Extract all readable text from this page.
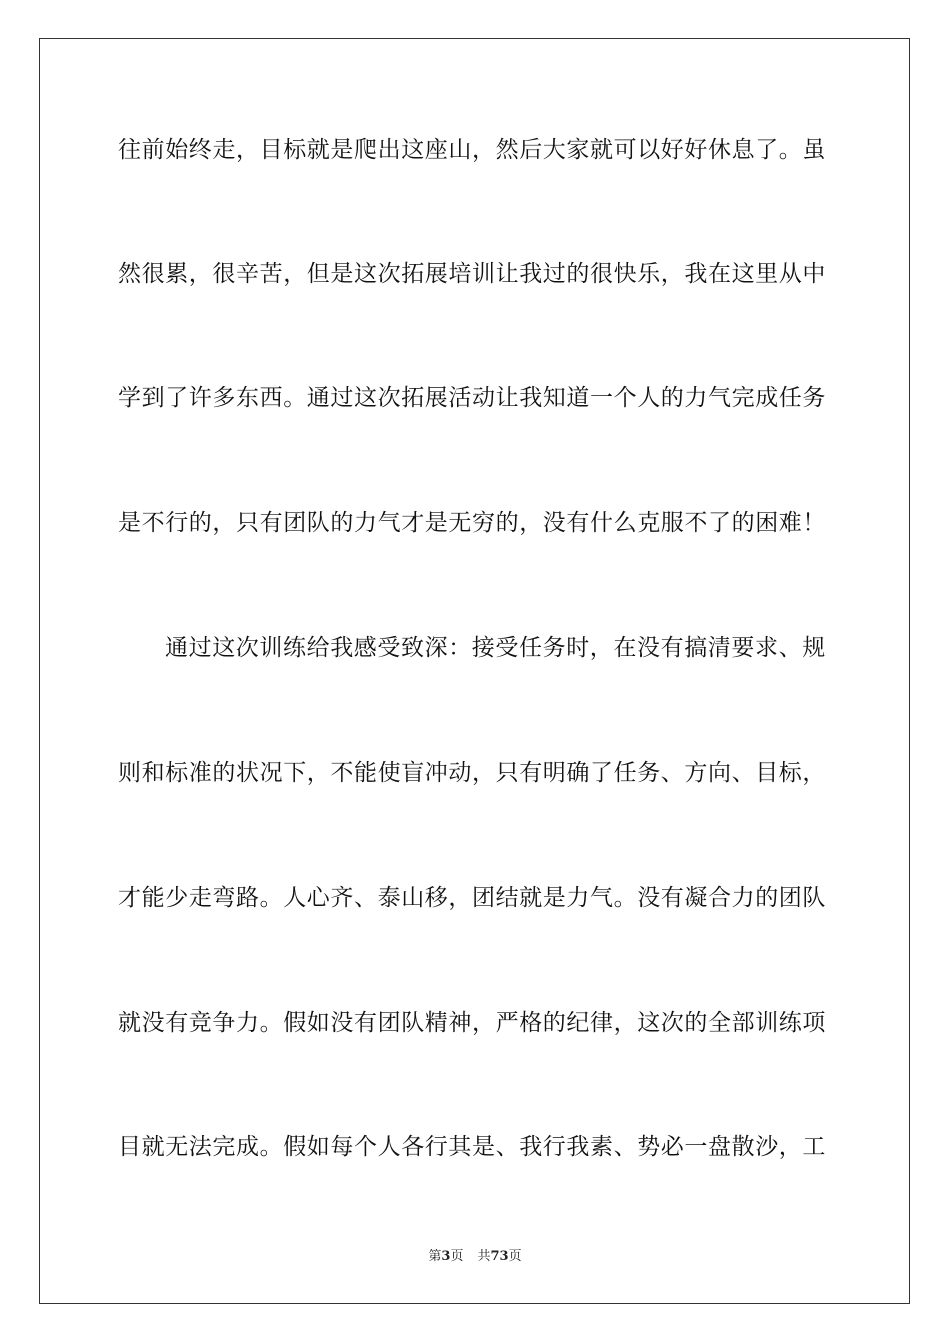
往前始终走，目标就是爬出这座山，然后大家就可以好好休息了。虽
然很累，很辛苦，但是这次拓展培训让我过的很快乐，我在这里从中
学到了许多东西。通过这次拓展活动让我知道一个人的力气完成任务
是不行的，只有团队的力气才是无穷的，没有什么克服不了的困难！
通过这次训练给我感受致深：接受任务时，在没有搞清要求、规
则和标准的状况下，不能使盲冲动，只有明确了任务、方向、目标，
才能少走弯路。人心齐、泰山移，团结就是力气。没有凝合力的团队
就没有竞争力。假如没有团队精神，严格的纪律，这次的全部训练项
目就无法完成。假如每个人各行其是、我行我素、势必一盘散沙，工
第3页 共73页
